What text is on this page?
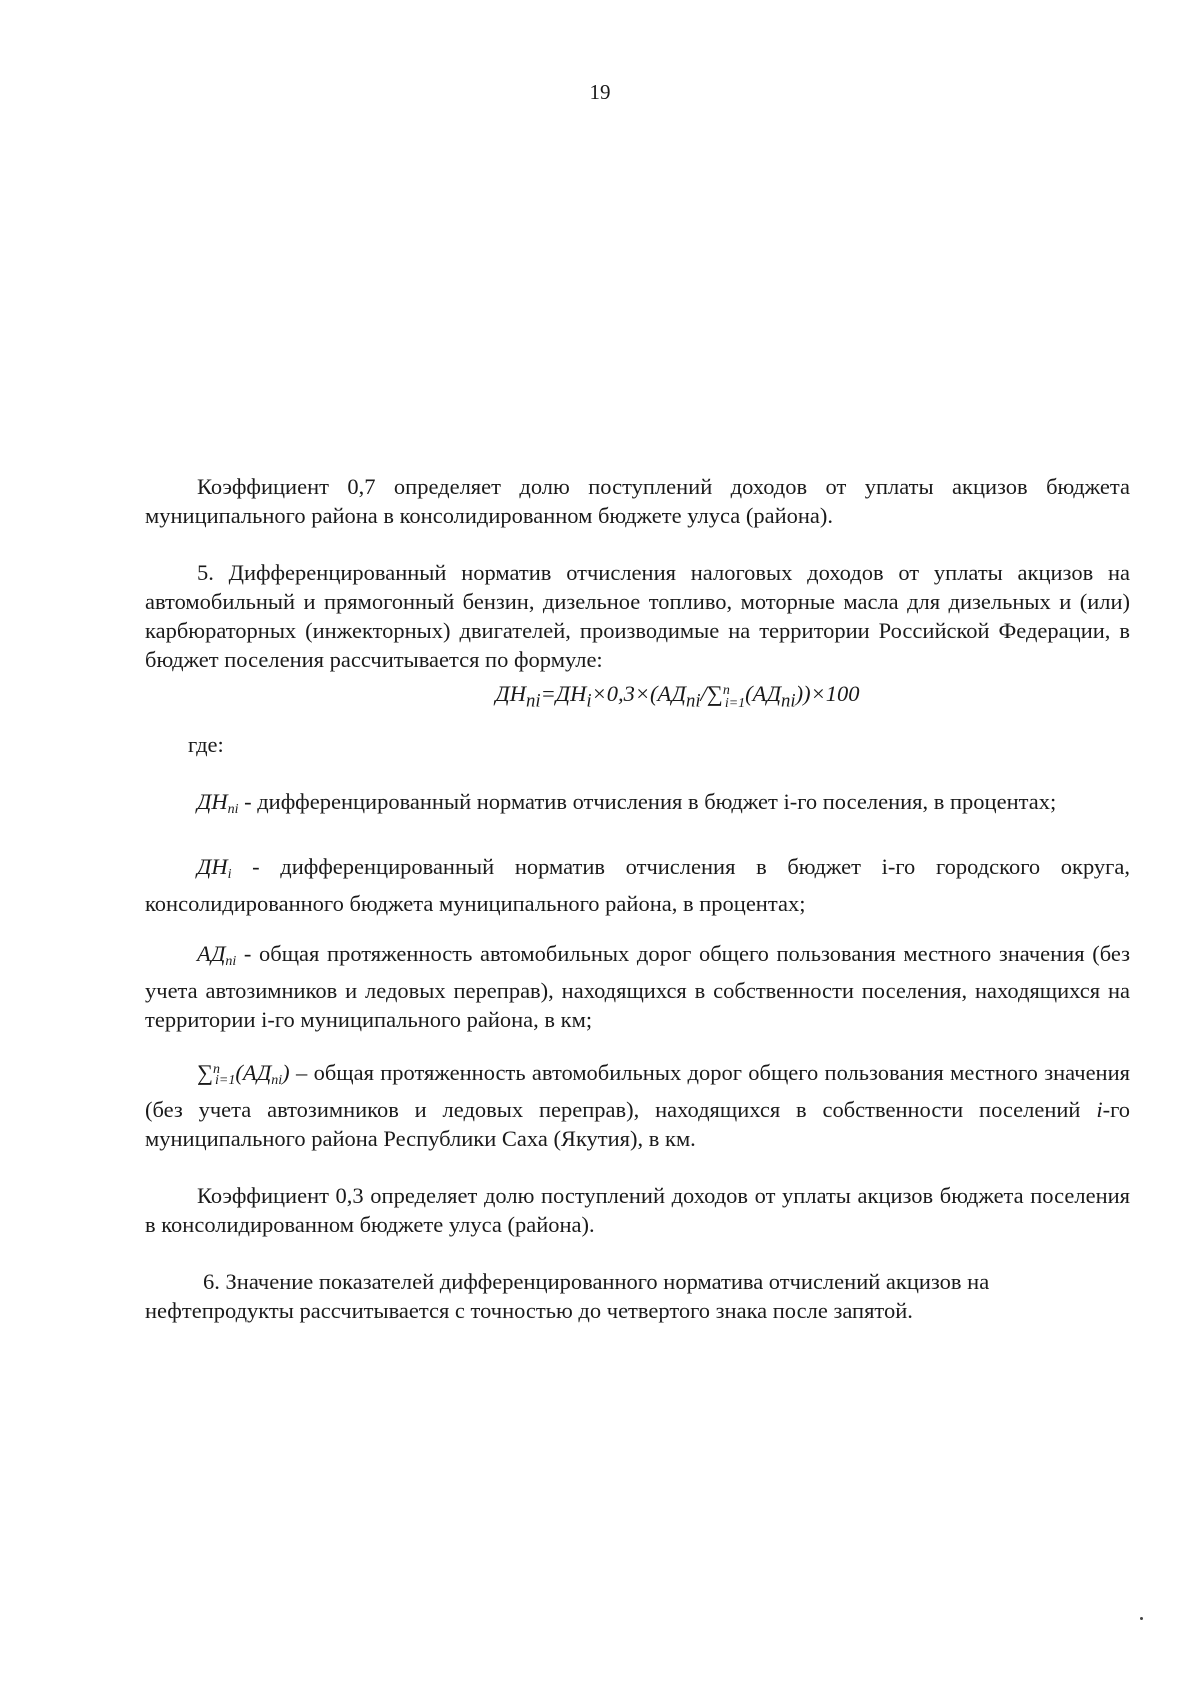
19

Коэффициент 0,7 определяет долю поступлений доходов от уплаты акцизов бюджета муниципального района в консолидированном бюджете улуса (района).

5. Дифференцированный норматив отчисления налоговых доходов от уплаты акцизов на автомобильный и прямогонный бензин, дизельное топливо, моторные масла для дизельных и (или) карбюраторных (инжекторных) двигателей, производимые на территории Российской Федерации, в бюджет поселения рассчитывается по формуле:

$ДН_{ni}=ДН_i\times 0,3\times(АД_{ni}/\sum^n_{i=1}(АД_{ni}))\times 100$

где:

$ДН_{ni}$ - дифференцированный норматив отчисления в бюджет i-го поселения, в процентах;

$ДН_i$ - дифференцированный норматив отчисления в бюджет i-го городского округа, консолидированного бюджета муниципального района, в процентах;

$АД_{ni}$ - общая протяженность автомобильных дорог общего пользования местного значения (без учета автозимников и ледовых переправ), находящихся в собственности поселения, находящихся на территории i-го муниципального района, в км;

$\sum^n_{i=1}(АД_{ni})$ – общая протяженность автомобильных дорог общего пользования местного значения (без учета автозимников и ледовых переправ), находящихся в собственности поселений i-го муниципального района Республики Саха (Якутия), в км.

Коэффициент 0,3 определяет долю поступлений доходов от уплаты акцизов бюджета поселения в консолидированном бюджете улуса (района).

6. Значение показателей дифференцированного норматива отчислений акцизов на нефтепродукты рассчитывается с точностью до четвертого знака после запятой.
